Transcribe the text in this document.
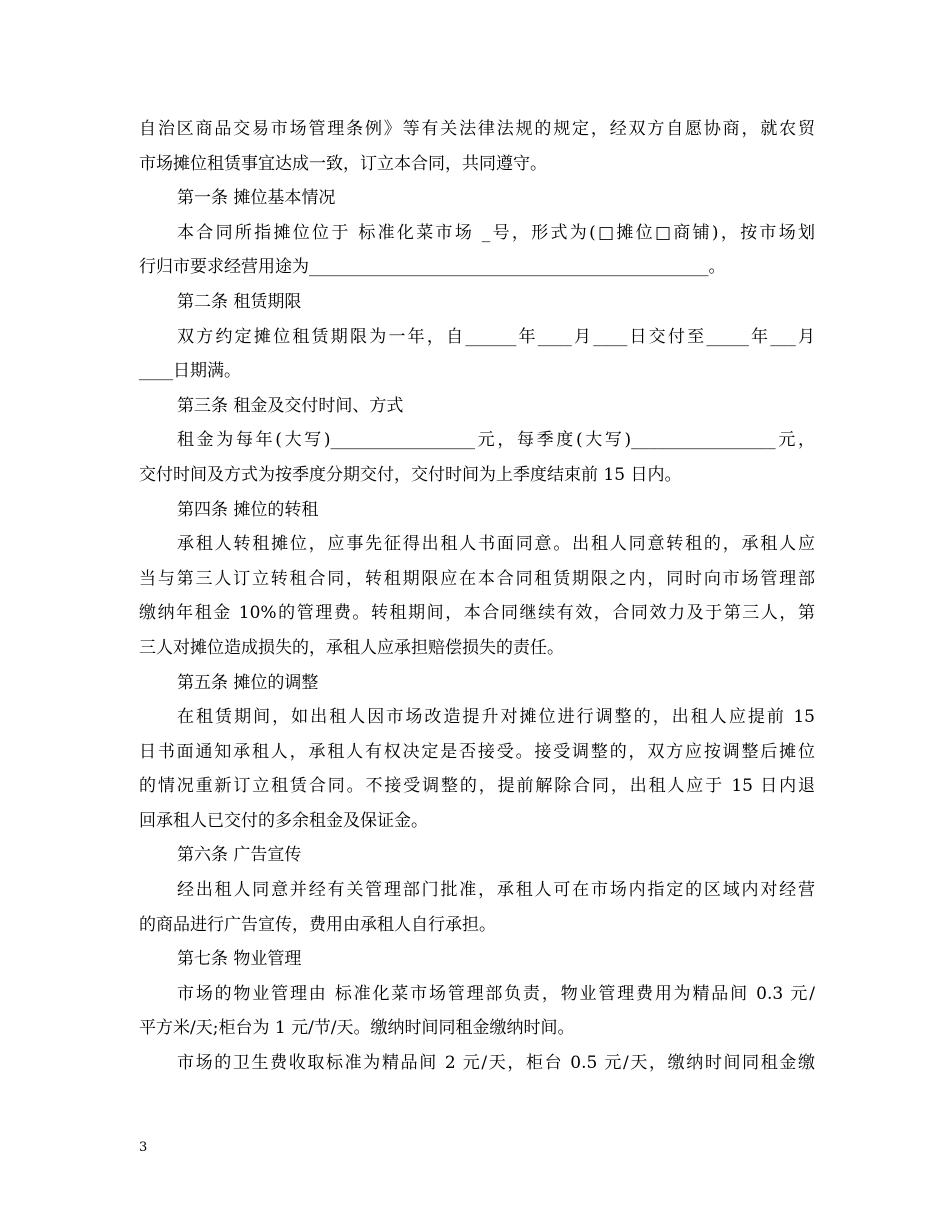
自治区商品交易市场管理条例》等有关法律法规的规定，经双方自愿协商，就农贸
市场摊位租赁事宜达成一致，订立本合同，共同遵守。
第一条 摊位基本情况
本合同所指摊位位于 标准化菜市场 _号，形式为(□摊位□商铺)，按市场划
行归市要求经营用途为_______________________________________________。
第二条 租赁期限
双方约定摊位租赁期限为一年，自______年____月____日交付至_____年___月
____日期满。
第三条 租金及交付时间、方式
租金为每年(大写)_________________元，每季度(大写)_________________元，
交付时间及方式为按季度分期交付，交付时间为上季度结束前 15 日内。
第四条 摊位的转租
承租人转租摊位，应事先征得出租人书面同意。出租人同意转租的，承租人应
当与第三人订立转租合同，转租期限应在本合同租赁期限之内，同时向市场管理部
缴纳年租金 10%的管理费。转租期间，本合同继续有效，合同效力及于第三人，第
三人对摊位造成损失的，承租人应承担赔偿损失的责任。
第五条 摊位的调整
在租赁期间，如出租人因市场改造提升对摊位进行调整的，出租人应提前 15
日书面通知承租人，承租人有权决定是否接受。接受调整的，双方应按调整后摊位
的情况重新订立租赁合同。不接受调整的，提前解除合同，出租人应于 15 日内退
回承租人已交付的多余租金及保证金。
第六条 广告宣传
经出租人同意并经有关管理部门批准，承租人可在市场内指定的区域内对经营
的商品进行广告宣传，费用由承租人自行承担。
第七条 物业管理
市场的物业管理由 标准化菜市场管理部负责，物业管理费用为精品间 0.3 元/
平方米/天;柜台为 1 元/节/天。缴纳时间同租金缴纳时间。
市场的卫生费收取标准为精品间 2 元/天，柜台 0.5 元/天，缴纳时间同租金缴
3
